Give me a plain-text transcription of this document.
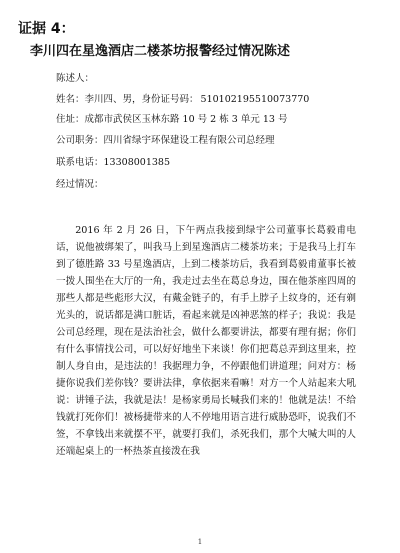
证据 4：
李川四在星逸酒店二楼茶坊报警经过情况陈述
陈述人：
姓名：李川四、男，身份证号码： 510102195510073770
住址：成都市武侯区玉林东路 10 号 2 栋 3 单元 13 号
公司职务：四川省绿宇环保建设工程有限公司总经理
联系电话：13308001385
经过情况：

2016 年 2 月 26 日，下午两点我接到绿宇公司董事长葛毅甫电话，说他被绑架了，叫我马上到星逸酒店二楼茶坊来；于是我马上打车到了德胜路 33 号星逸酒店，上到二楼茶坊后，我看到葛毅甫董事长被一拨人围坐在大厅的一角，我走过去坐在葛总身边，围在他茶座四周的那些人都是些彪形大汉，有戴金链子的，有手上脖子上纹身的，还有剃光头的，说话都是满口脏话，看起来就是凶神恶煞的样子；我说：我是公司总经理，现在是法治社会，做什么都要讲法，都要有理有据；你们有什么事情找公司，可以好好地坐下来谈！你们把葛总弄到这里来，控制人身自由，是违法的！我据理力争，不停跟他们讲道理；问对方：杨捷你说我们差你钱？要讲法律，拿依据来看嘛！对方一个人站起来大吼说：讲锤子法，我就是法！是杨家勇局长喊我们来的！他就是法！不给钱就打死你们！被杨捷带来的人不停地用语言进行威胁恐吓，说我们不签，不拿钱出来就摆不平，就要打我们，杀死我们，那个大喊大叫的人还端起桌上的一杯热茶直接泼在我

1
